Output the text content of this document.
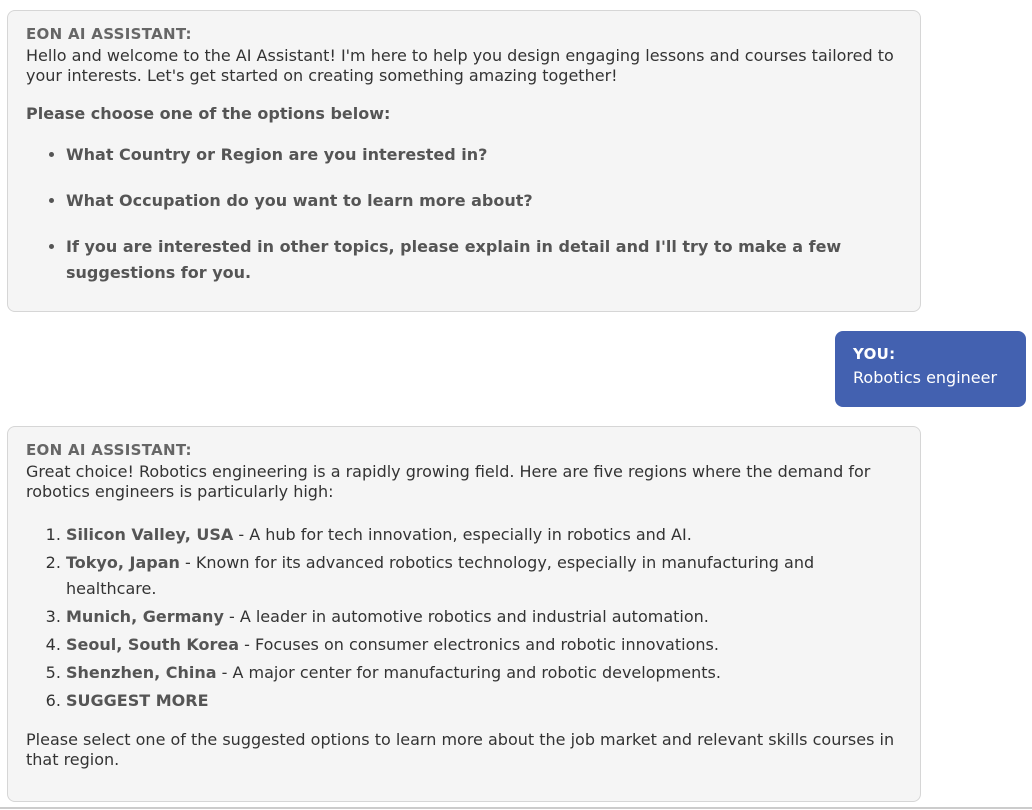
EON AI ASSISTANT:

Hello and welcome to the AI Assistant! I'm here to help you design engaging lessons and courses tailored to your interests. Let's get started on creating something amazing together!

Please choose one of the options below:

• What Country or Region are you interested in?
• What Occupation do you want to learn more about?
• If you are interested in other topics, please explain in detail and I'll try to make a few suggestions for you.
YOU:

Robotics engineer

EON AI ASSISTANT:

Great choice! Robotics engineering is a rapidly growing field. Here are five regions where the demand for robotics engineers is particularly high:

1. Silicon Valley, USA - A hub for tech innovation, especially in robotics and AI.
2. Tokyo, Japan - Known for its advanced robotics technology, especially in manufacturing and healthcare.
3. Munich, Germany - A leader in automotive robotics and industrial automation.
4. Seoul, South Korea - Focuses on consumer electronics and robotic innovations.
5. Shenzhen, China - A major center for manufacturing and robotic developments.
6. SUGGEST MORE

Please select one of the suggested options to learn more about the job market and relevant skills courses in that region.
